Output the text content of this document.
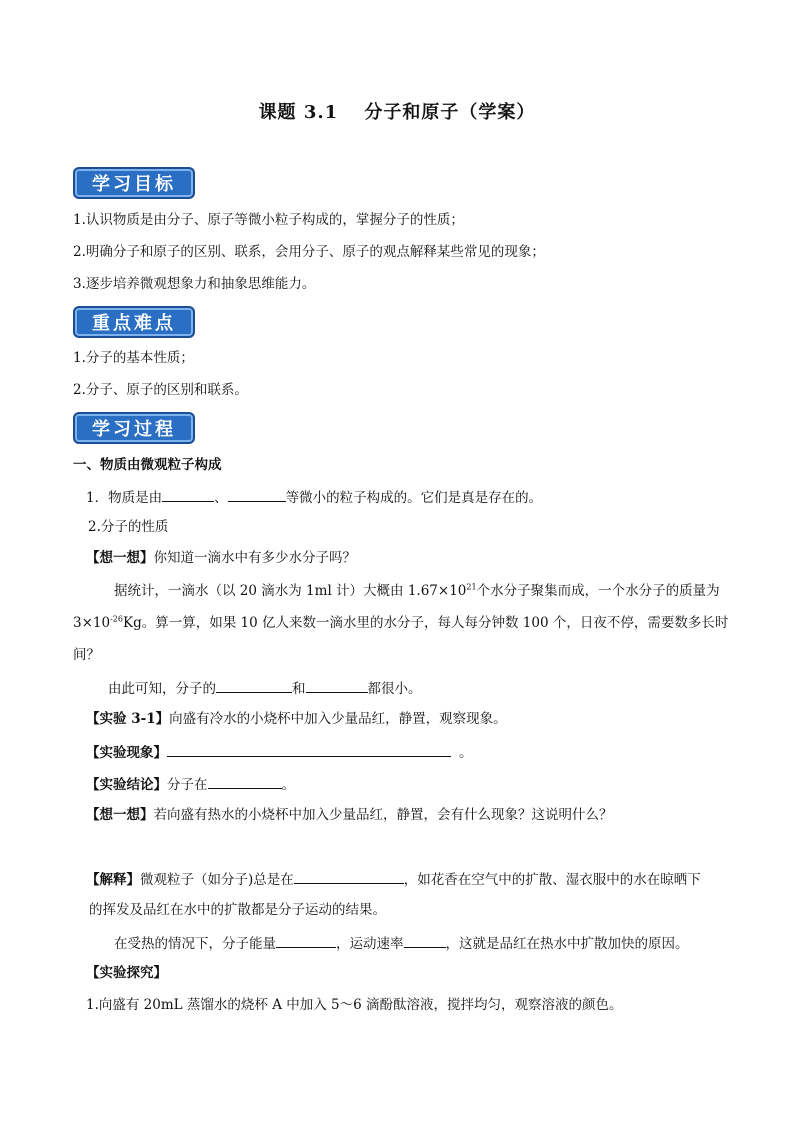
课题 3.1　 分子和原子（学案）
学习目标
1.认识物质是由分子、原子等微小粒子构成的，掌握分子的性质；
2.明确分子和原子的区别、联系，会用分子、原子的观点解释某些常见的现象；
3.逐步培养微观想象力和抽象思维能力。
重点难点
1.分子的基本性质；
2.分子、原子的区别和联系。
学习过程
一、物质由微观粒子构成
1．物质是由	、	等微小的粒子构成的。它们是真是存在的。
2.分子的性质
【想一想】你知道一滴水中有多少水分子吗？
据统计，一滴水（以 20 滴水为 1ml 计）大概由 $1.67\times 10^{21}$个水分子聚集而成，一个水分子的质量为
$3\times 10^{-26}Kg$。算一算，如果 10 亿人来数一滴水里的水分子，每人每分钟数 100 个，日夜不停，需要数多长时
间？
由此可知，分子的	和	都很小。
【实验 3-1】向盛有冷水的小烧杯中加入少量品红，静置，观察现象。
【实验现象】	。
【实验结论】分子在	。
【想一想】若向盛有热水的小烧杯中加入少量品红，静置，会有什么现象？这说明什么？
【解释】微观粒子（如分子)总是在	，如花香在空气中的扩散、湿衣服中的水在晾晒下
的挥发及品红在水中的扩散都是分子运动的结果。
在受热的情况下，分子能量	，运动速率	，这就是品红在热水中扩散加快的原因。
【实验探究】
1.向盛有 20mL 蒸馏水的烧杯 A 中加入 5～6 滴酚酞溶液，搅拌均匀，观察溶液的颜色。
